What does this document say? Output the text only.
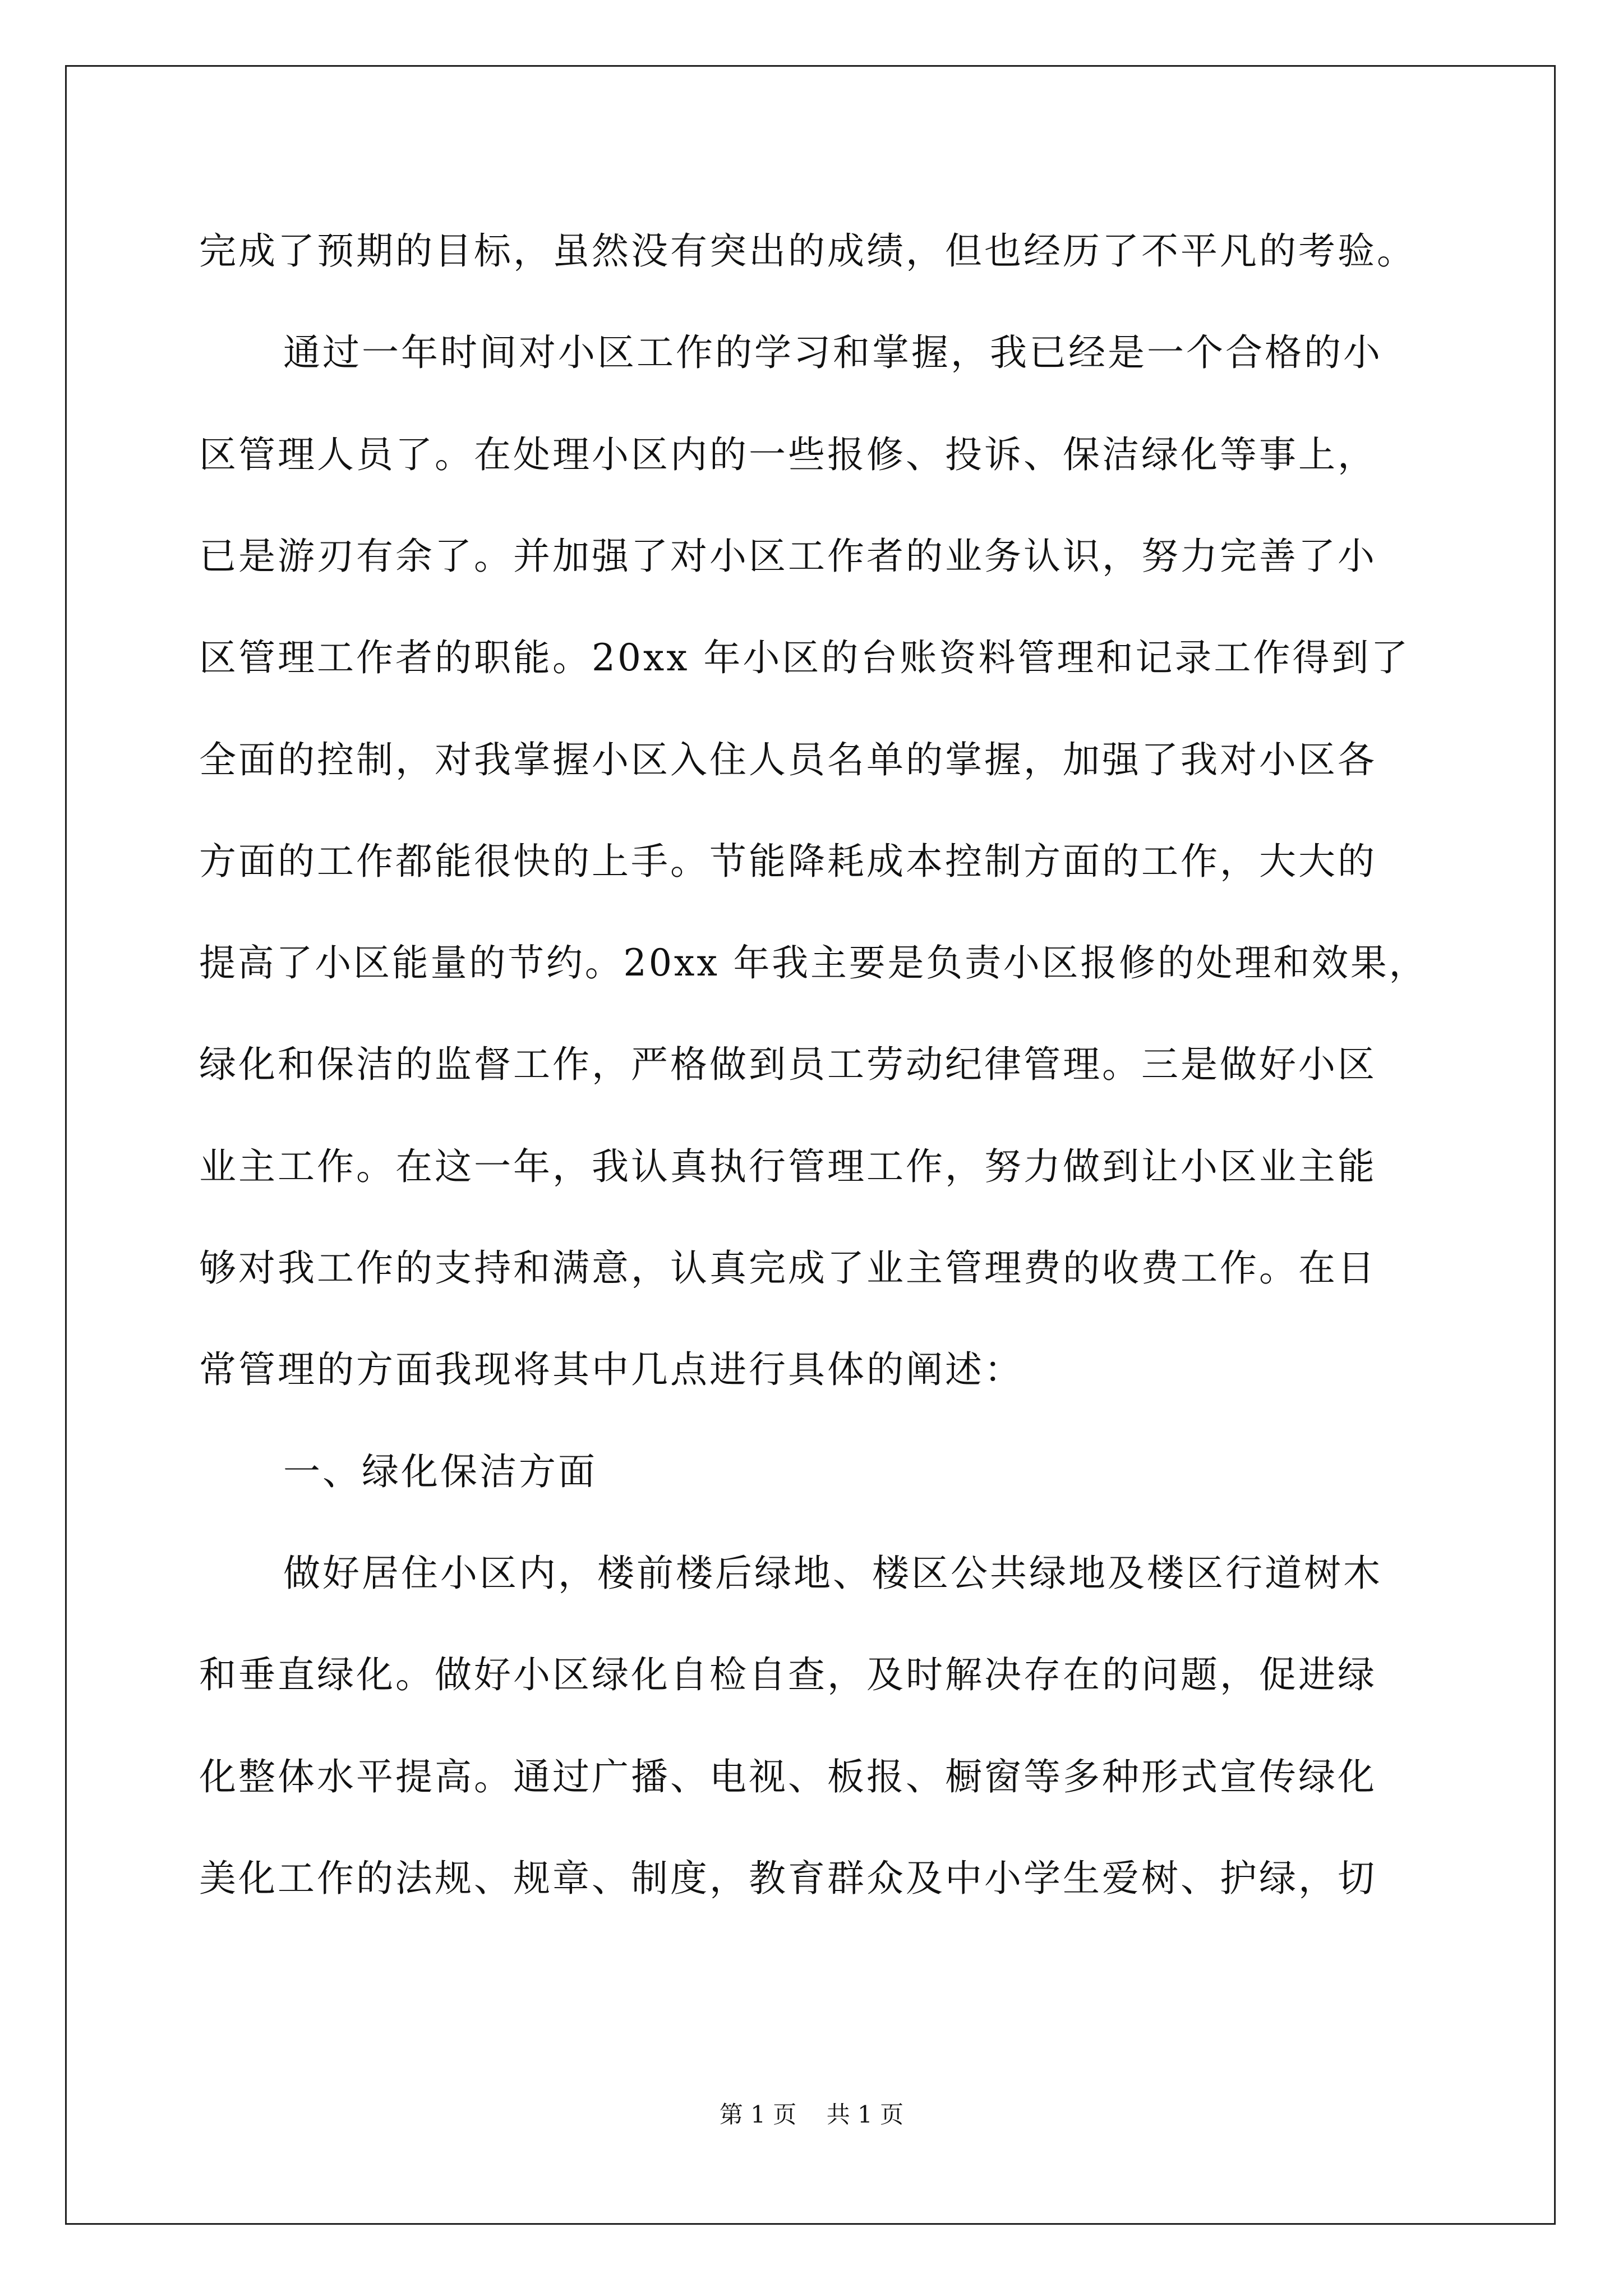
完成了预期的目标，虽然没有突出的成绩，但也经历了不平凡的考验。
通过一年时间对小区工作的学习和掌握，我已经是一个合格的小
区管理人员了。在处理小区内的一些报修、投诉、保洁绿化等事上，
已是游刃有余了。并加强了对小区工作者的业务认识，努力完善了小
区管理工作者的职能。20xx 年小区的台账资料管理和记录工作得到了
全面的控制，对我掌握小区入住人员名单的掌握，加强了我对小区各
方面的工作都能很快的上手。节能降耗成本控制方面的工作，大大的
提高了小区能量的节约。20xx 年我主要是负责小区报修的处理和效果，
绿化和保洁的监督工作，严格做到员工劳动纪律管理。三是做好小区
业主工作。在这一年，我认真执行管理工作，努力做到让小区业主能
够对我工作的支持和满意，认真完成了业主管理费的收费工作。在日
常管理的方面我现将其中几点进行具体的阐述：
一、绿化保洁方面
做好居住小区内，楼前楼后绿地、楼区公共绿地及楼区行道树木
和垂直绿化。做好小区绿化自检自查，及时解决存在的问题，促进绿
化整体水平提高。通过广播、电视、板报、橱窗等多种形式宣传绿化
美化工作的法规、规章、制度，教育群众及中小学生爱树、护绿，切
第 1 页    共 1 页
